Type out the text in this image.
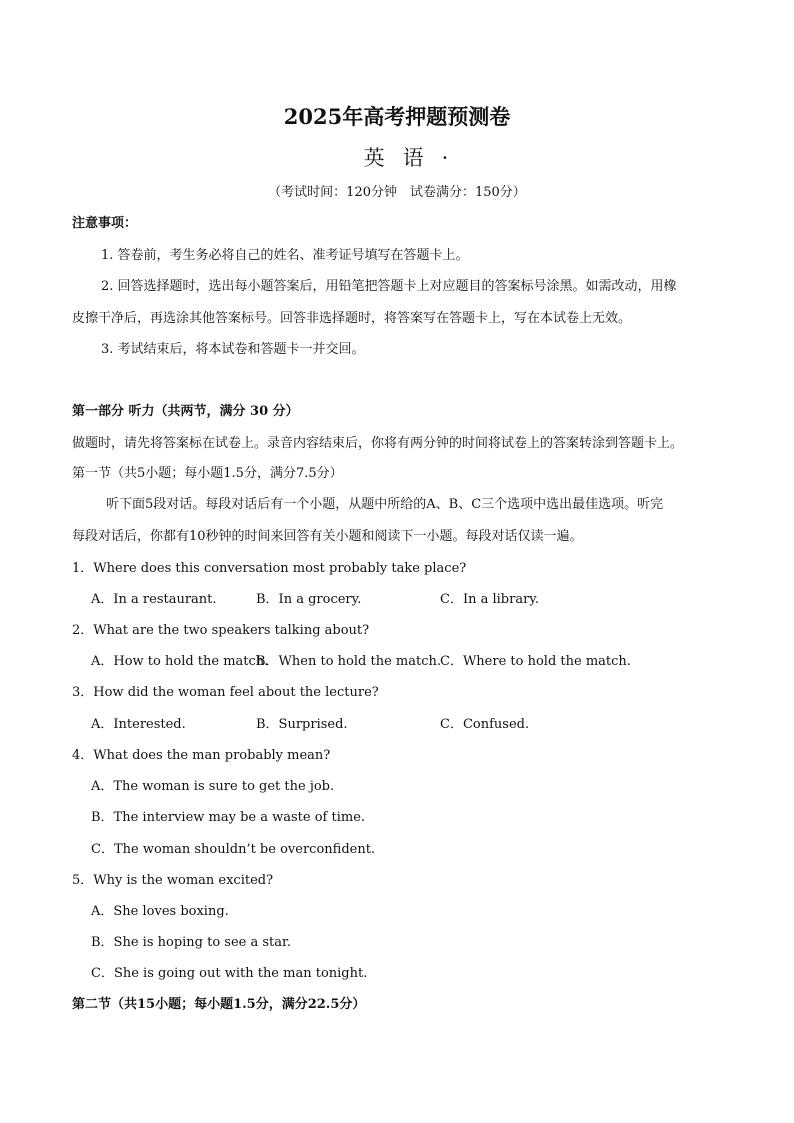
2025年高考押题预测卷
英语·
（考试时间：120分钟　试卷满分：150分）
注意事项：
1. 答卷前，考生务必将自己的姓名、准考证号填写在答题卡上。
2. 回答选择题时，选出每小题答案后，用铅笔把答题卡上对应题目的答案标号涂黑。如需改动，用橡
皮擦干净后，再选涂其他答案标号。回答非选择题时，将答案写在答题卡上，写在本试卷上无效。
3. 考试结束后，将本试卷和答题卡一并交回。
第一部分 听力（共两节，满分 30 分）
做题时，请先将答案标在试卷上。录音内容结束后，你将有两分钟的时间将试卷上的答案转涂到答题卡上。
第一节（共5小题；每小题1.5分，满分7.5分）
听下面5段对话。每段对话后有一个小题，从题中所给的A、B、C三个选项中选出最佳选项。听完
每段对话后，你都有10秒钟的时间来回答有关小题和阅读下一小题。每段对话仅读一遍。
1．Where does this conversation most probably take place?
A．In a restaurant.	B．In a grocery.	C．In a library.
2．What are the two speakers talking about?
A．How to hold the match.
B．When to hold the match. C．Where to hold the match.
3．How did the woman feel about the lecture?
A．Interested.	B．Surprised.	C．Confused.
4．What does the man probably mean?
A．The woman is sure to get the job.
B．The interview may be a waste of time.
C．The woman shouldn’t be overconfident.
5．Why is the woman excited?
A．She loves boxing.
B．She is hoping to see a star.
C．She is going out with the man tonight.
第二节（共15小题；每小题1.5分，满分22.5分）
